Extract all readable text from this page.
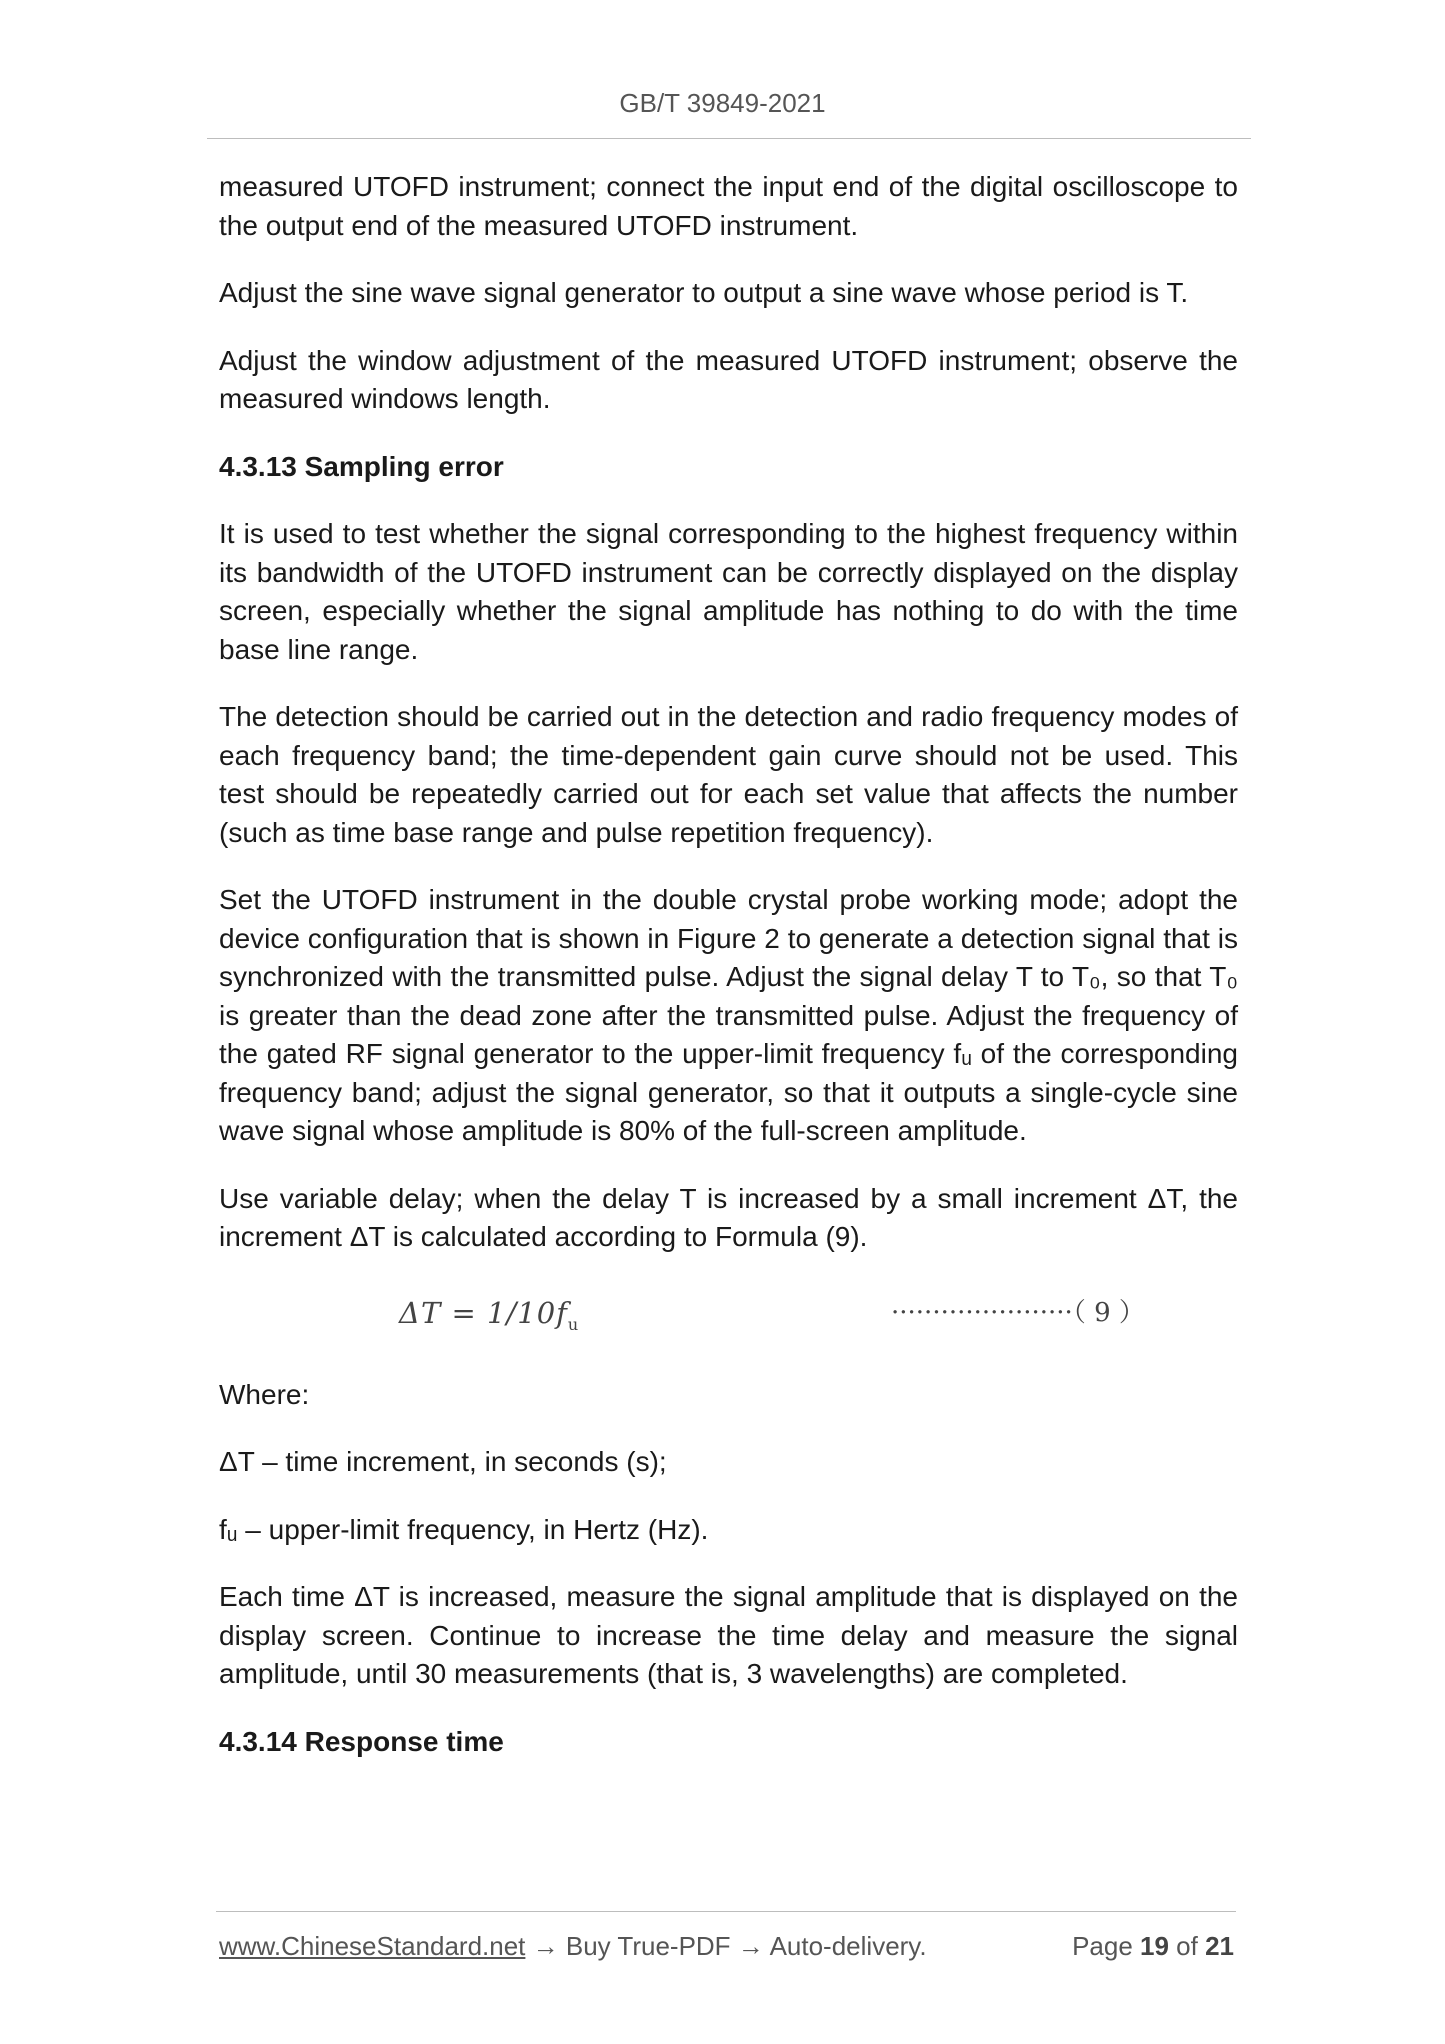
GB/T 39849-2021

measured UTOFD instrument; connect the input end of the digital oscilloscope to the output end of the measured UTOFD instrument.

Adjust the sine wave signal generator to output a sine wave whose period is T.

Adjust the window adjustment of the measured UTOFD instrument; observe the measured windows length.

4.3.13 Sampling error

It is used to test whether the signal corresponding to the highest frequency within its bandwidth of the UTOFD instrument can be correctly displayed on the display screen, especially whether the signal amplitude has nothing to do with the time base line range.

The detection should be carried out in the detection and radio frequency modes of each frequency band; the time-dependent gain curve should not be used. This test should be repeatedly carried out for each set value that affects the number (such as time base range and pulse repetition frequency).

Set the UTOFD instrument in the double crystal probe working mode; adopt the device configuration that is shown in Figure 2 to generate a detection signal that is synchronized with the transmitted pulse. Adjust the signal delay T to T₀, so that T₀ is greater than the dead zone after the transmitted pulse. Adjust the frequency of the gated RF signal generator to the upper-limit frequency fᵤ of the corresponding frequency band; adjust the signal generator, so that it outputs a single-cycle sine wave signal whose amplitude is 80% of the full-screen amplitude.

Use variable delay; when the delay T is increased by a small increment ΔT, the increment ΔT is calculated according to Formula (9).

$\Delta T = 1/10f_u$	······················（ 9 ）

Where:

ΔT – time increment, in seconds (s);

fᵤ – upper-limit frequency, in Hertz (Hz).

Each time ΔT is increased, measure the signal amplitude that is displayed on the display screen. Continue to increase the time delay and measure the signal amplitude, until 30 measurements (that is, 3 wavelengths) are completed.

4.3.14 Response time
www.ChineseStandard.net → Buy True-PDF → Auto-delivery.	Page 19 of 21
